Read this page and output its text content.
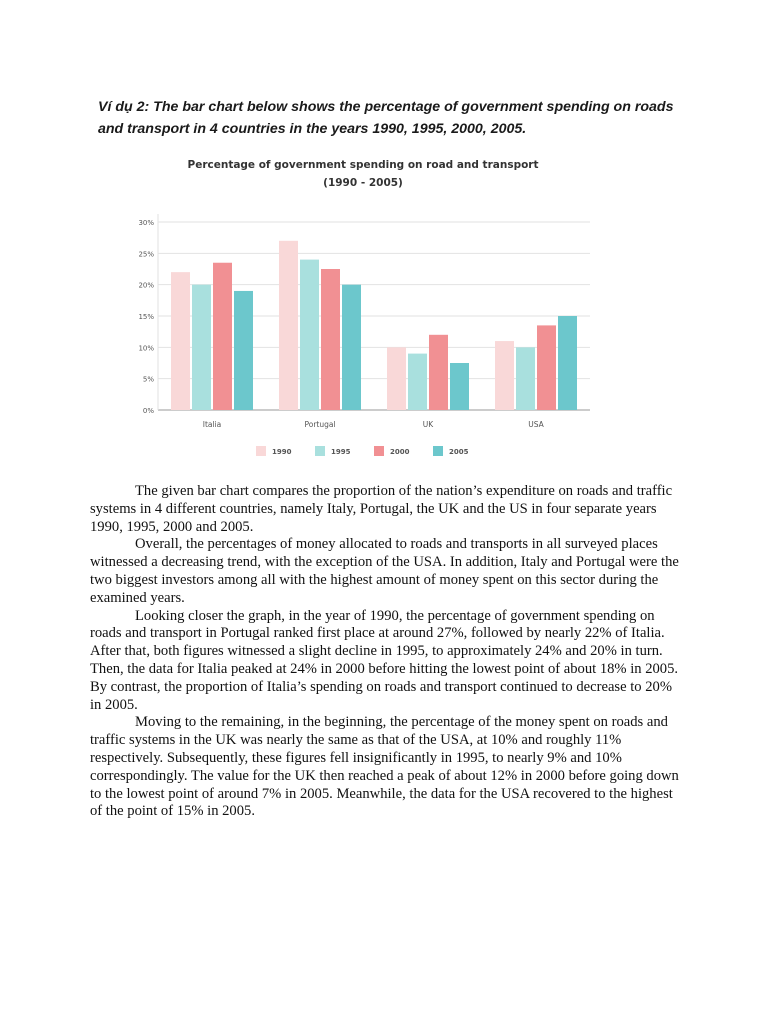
Ví dụ 2: The bar chart below shows the percentage of government spending on roads and transport in 4 countries in the years 1990, 1995, 2000, 2005.

Percentage of government spending on road and transport
(1990 - 2005)
0%
5%
10%
15%
20%
25%
30%
Italia	Portugal	UK	USA
1990	1995	2000	2005

The given bar chart compares the proportion of the nation’s expenditure on roads and traffic systems in 4 different countries, namely Italy, Portugal, the UK and the US in four separate years 1990, 1995, 2000 and 2005.

Overall, the percentages of money allocated to roads and transports in all surveyed places witnessed a decreasing trend, with the exception of the USA. In addition, Italy and Portugal were the two biggest investors among all with the highest amount of money spent on this sector during the examined years.

Looking closer the graph, in the year of 1990, the percentage of government spending on roads and transport in Portugal ranked first place at around 27%, followed by nearly 22% of Italia. After that, both figures witnessed a slight decline in 1995, to approximately 24% and 20% in turn. Then, the data for Italia peaked at 24% in 2000 before hitting the lowest point of about 18% in 2005. By contrast, the proportion of Italia’s spending on roads and transport continued to decrease to 20% in 2005.

Moving to the remaining, in the beginning, the percentage of the money spent on roads and traffic systems in the UK was nearly the same as that of the USA, at 10% and roughly 11% respectively. Subsequently, these figures fell insignificantly in 1995, to nearly 9% and 10% correspondingly. The value for the UK then reached a peak of about 12% in 2000 before going down to the lowest point of around 7% in 2005. Meanwhile, the data for the USA recovered to the highest of the point of 15% in 2005.
